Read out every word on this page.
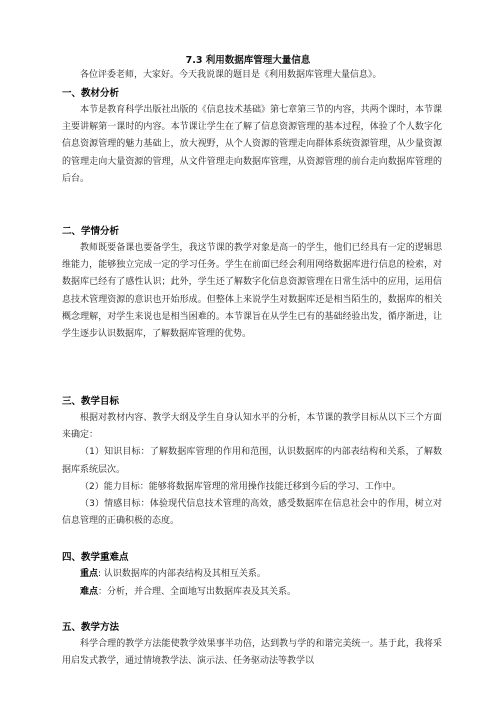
7.3 利用数据库管理大量信息

各位评委老师，大家好。今天我说课的题目是《利用数据库管理大量信息》。

一、教材分析

本节是教育科学出版社出版的《信息技术基础》第七章第三节的内容，共两个课时，本节课主要讲解第一课时的内容。本节课让学生在了解了信息资源管理的基本过程，体验了个人数字化信息资源管理的魅力基础上，放大视野，从个人资源的管理走向群体系统资源管理，从少量资源的管理走向大量资源的管理，从文件管理走向数据库管理，从资源管理的前台走向数据库管理的后台。

二、学情分析

教师既要备课也要备学生，我这节课的教学对象是高一的学生，他们已经具有一定的逻辑思维能力，能够独立完成一定的学习任务。学生在前面已经会利用网络数据库进行信息的检索，对数据库已经有了感性认识；此外，学生还了解数字化信息资源管理在日常生活中的应用，运用信息技术管理资源的意识也开始形成。但整体上来说学生对数据库还是相当陌生的，数据库的相关概念理解，对学生来说也是相当困难的。本节课旨在从学生已有的基础经验出发，循序渐进，让学生逐步认识数据库，了解数据库管理的优势。

三、教学目标

根据对教材内容、教学大纲及学生自身认知水平的分析，本节课的教学目标从以下三个方面来确定：

（1）知识目标：了解数据库管理的作用和范围，认识数据库的内部表结构和关系，了解数据库系统层次。

（2）能力目标：能够将数据库管理的常用操作技能迁移到今后的学习、工作中。

（3）情感目标：体验现代信息技术管理的高效，感受数据库在信息社会中的作用，树立对信息管理的正确积极的态度。

四、教学重难点

重点: 认识数据库的内部表结构及其相互关系。

难点：分析，并合理、全面地写出数据库表及其关系。

五、教学方法

科学合理的教学方法能使教学效果事半功倍，达到教与学的和谐完美统一。基于此，我将采用启发式教学，通过情境教学法、演示法、任务驱动法等教学以
